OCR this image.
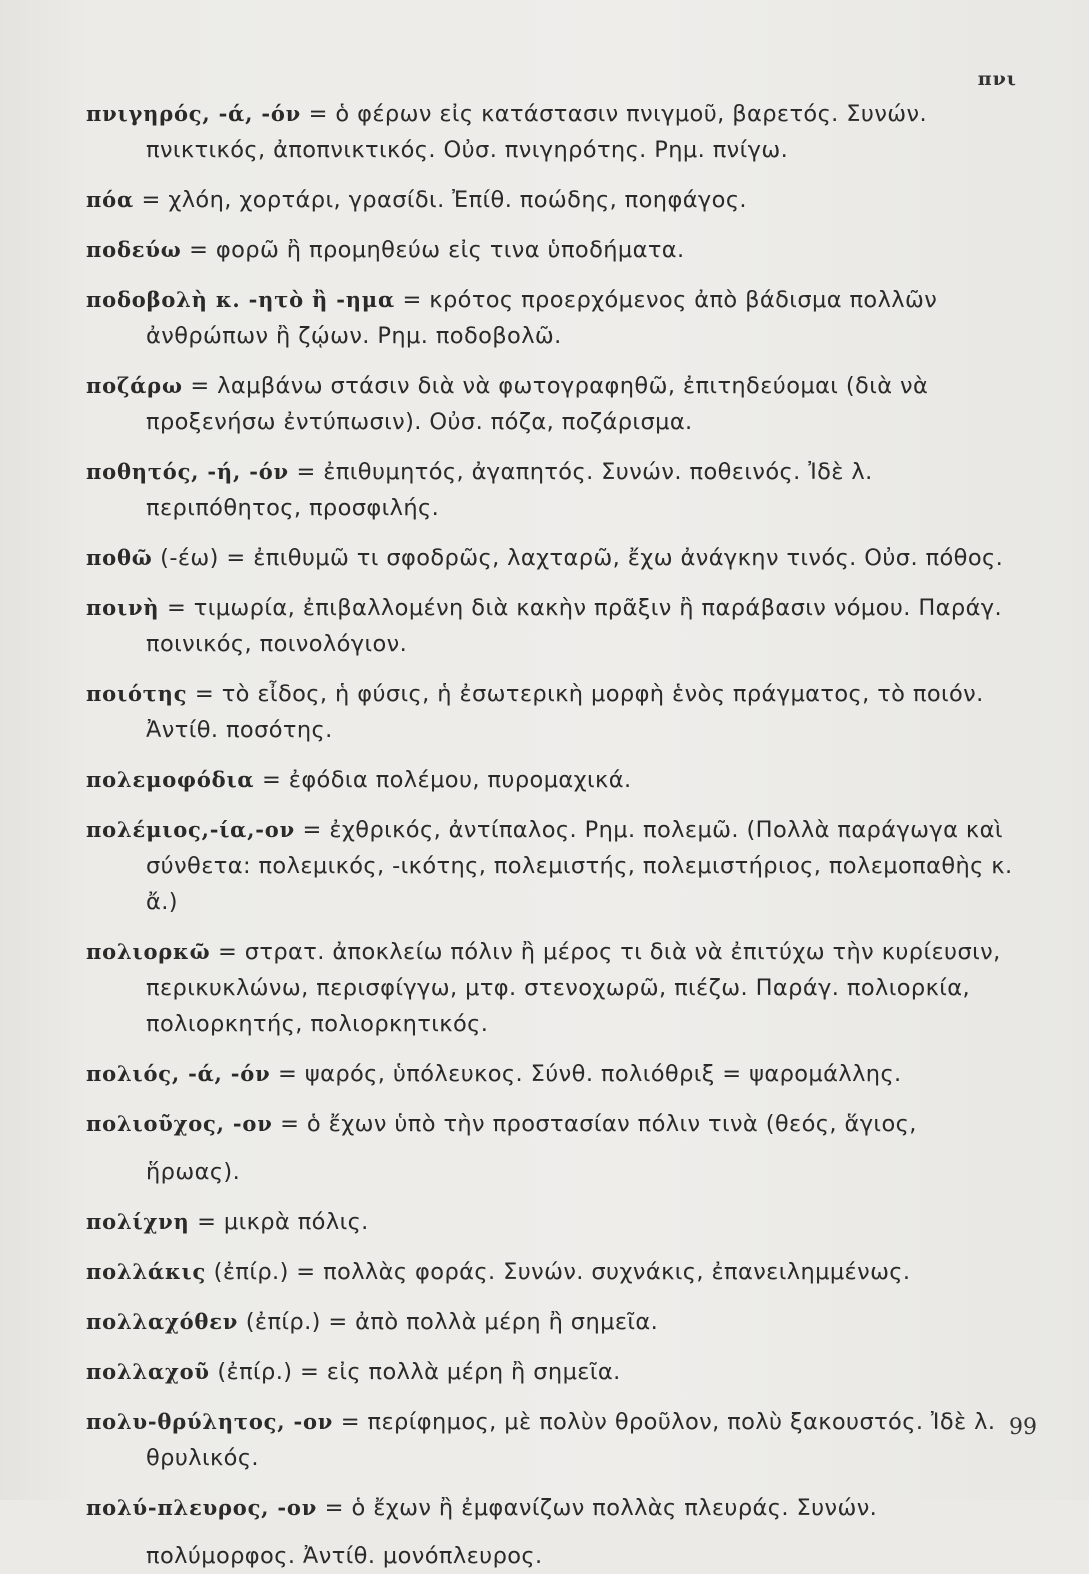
πνι

πνιγηρός, -ά, -όν = ὁ φέρων εἰς κατάστασιν πνιγμοῦ, βαρετός. Συνών. πνικτικός, ἀποπνικτικός. Οὐσ. πνιγηρότης. Ρημ. πνίγω.

πόα = χλόη, χορτάρι, γρασίδι. Ἐπίθ. ποώδης, ποηφάγος.

ποδεύω = φορῶ ἢ προμηθεύω εἰς τινα ὑποδήματα.

ποδοβολὴ κ. -ητὸ ἢ -ημα = κρότος προερχόμενος ἀπὸ βάδισμα πολλῶν ἀνθρώπων ἢ ζῴων. Ρημ. ποδοβολῶ.

ποζάρω = λαμβάνω στάσιν διὰ νὰ φωτογραφηθῶ, ἐπιτηδεύομαι (διὰ νὰ προξενήσω ἐντύπωσιν). Οὐσ. πόζα, ποζάρισμα.

ποθητός, -ή, -όν = ἐπιθυμητός, ἀγαπητός. Συνών. ποθεινός. Ἰδὲ λ. περιπόθητος, προσφιλής.

ποθῶ (-έω) = ἐπιθυμῶ τι σφοδρῶς, λαχταρῶ, ἔχω ἀνάγκην τινός. Οὐσ. πόθος.

ποινὴ = τιμωρία, ἐπιβαλλομένη διὰ κακὴν πρᾶξιν ἢ παράβασιν νόμου. Παράγ. ποινικός, ποινολόγιον.

ποιότης = τὸ εἶδος, ἡ φύσις, ἡ ἐσωτερικὴ μορφὴ ἑνὸς πράγματος, τὸ ποιόν. Ἀντίθ. ποσότης.

πολεμοφόδια = ἐφόδια πολέμου, πυρομαχικά.

πολέμιος,-ία,-ον = ἐχθρικός, ἀντίπαλος. Ρημ. πολεμῶ. (Πολλὰ παράγωγα καὶ σύνθετα: πολεμικός, -ικότης, πολεμιστής, πολεμιστήριος, πολεμοπαθὴς κ. ἄ.)

πολιορκῶ = στρατ. ἀποκλείω πόλιν ἢ μέρος τι διὰ νὰ ἐπιτύχω τὴν κυρίευσιν, περικυκλώνω, περισφίγγω, μτφ. στενοχωρῶ, πιέζω. Παράγ. πολιορκία, πολιορκητής, πολιορκητικός.

πολιός, -ά, -όν = ψαρός, ὑπόλευκος. Σύνθ. πολιόθριξ = ψαρομάλλης.

πολιοῦχος, -ον = ὁ ἔχων ὑπὸ τὴν προστασίαν πόλιν τινὰ (θεός, ἅγιος,
ἥρωας).

πολίχνη = μικρὰ πόλις.

πολλάκις (ἐπίρ.) = πολλὰς φοράς. Συνών. συχνάκις, ἐπανειλημμένως.

πολλαχόθεν (ἐπίρ.) = ἀπὸ πολλὰ μέρη ἢ σημεῖα.

πολλαχοῦ (ἐπίρ.) = εἰς πολλὰ μέρη ἢ σημεῖα.

πολυ-θρύλητος, -ον = περίφημος, μὲ πολὺν θροῦλον, πολὺ ξακουστός. Ἰδὲ λ. θρυλικός.

πολύ-πλευρος, -ον = ὁ ἔχων ἢ ἐμφανίζων πολλὰς πλευράς. Συνών.
πολύμορφος. Ἀντίθ. μονόπλευρος.

99
